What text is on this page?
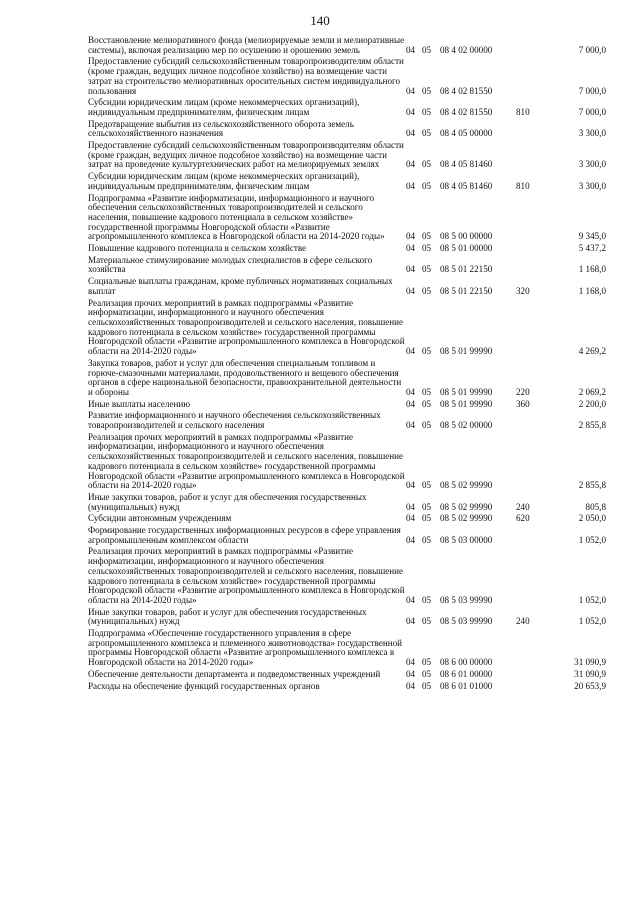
140
Восстановление мелиоративного фонда (мелиорируемые земли и мелиоративные системы), включая реализацию мер по осушению и орошению земель	04	05	08 4 02 00000		7 000,0

Предоставление субсидий сельскохозяйственным товаропроизводителям области (кроме граждан, ведущих личное подсобное хозяйство) на возмещение части затрат на строительство мелиоративных оросительных систем индивидуального пользования	04	05	08 4 02 81550		7 000,0

Субсидии юридическим лицам (кроме некоммерческих организаций), индивидуальным предпринимателям, физическим лицам	04	05	08 4 02 81550	810	7 000,0

Предотвращение выбытия из сельскохозяйственного оборота земель сельскохозяйственного назначения	04	05	08 4 05 00000		3 300,0

Предоставление субсидий сельскохозяйственным товаропроизводителям области (кроме граждан, ведущих личное подсобное хозяйство) на возмещение части затрат на проведение культуртехнических работ на мелиорируемых землях	04	05	08 4 05 81460		3 300,0

Субсидии юридическим лицам (кроме некоммерческих организаций), индивидуальным предпринимателям, физическим лицам	04	05	08 4 05 81460	810	3 300,0

Подпрограмма «Развитие информатизации, информационного и научного обеспечения сельскохозяйственных товаропроизводителей и сельского населения, повышение кадрового потенциала в сельском хозяйстве» государственной программы Новгородской области «Развитие агропромышленного комплекса в Новгородской области на 2014-2020 годы»	04	05	08 5 00 00000		9 345,0

Повышение кадрового потенциала в сельском хозяйстве	04	05	08 5 01 00000		5 437,2

Материальное стимулирование молодых специалистов в сфере сельского хозяйства	04	05	08 5 01 22150		1 168,0

Социальные выплаты гражданам, кроме публичных нормативных социальных выплат	04	05	08 5 01 22150	320	1 168,0

Реализация прочих мероприятий в рамках подпрограммы «Развитие информатизации, информационного и научного обеспечения сельскохозяйственных товаропроизводителей и сельского населения, повышение кадрового потенциала в сельском хозяйстве» государственной программы Новгородской области «Развитие агропромышленного комплекса в Новгородской области на 2014-2020 годы»	04	05	08 5 01 99990		4 269,2

Закупка товаров, работ и услуг для обеспечения специальным топливом и горюче-смазочными материалами, продовольственного и вещевого обеспечения органов в сфере национальной безопасности, правоохранительной деятельности и обороны	04	05	08 5 01 99990	220	2 069,2

Иные выплаты населению	04	05	08 5 01 99990	360	2 200,0

Развитие информационного и научного обеспечения сельскохозяйственных товаропроизводителей и сельского населения	04	05	08 5 02 00000		2 855,8

Реализация прочих мероприятий в рамках подпрограммы «Развитие информатизации, информационного и научного обеспечения сельскохозяйственных товаропроизводителей и сельского населения, повышение кадрового потенциала в сельском хозяйстве» государственной программы Новгородской области «Развитие агропромышленного комплекса в Новгородской области на 2014-2020 годы»	04	05	08 5 02 99990		2 855,8

Иные закупки товаров, работ и услуг для обеспечения государственных (муниципальных) нужд	04	05	08 5 02 99990	240	805,8

Субсидии автономным учреждениям	04	05	08 5 02 99990	620	2 050,0

Формирование государственных информационных ресурсов в сфере управления агропромышленным комплексом области	04	05	08 5 03 00000		1 052,0

Реализация прочих мероприятий в рамках подпрограммы «Развитие информатизации, информационного и научного обеспечения сельскохозяйственных товаропроизводителей и сельского населения, повышение кадрового потенциала в сельском хозяйстве» государственной программы Новгородской области «Развитие агропромышленного комплекса в Новгородской области на 2014-2020 годы»	04	05	08 5 03 99990		1 052,0

Иные закупки товаров, работ и услуг для обеспечения государственных (муниципальных) нужд	04	05	08 5 03 99990	240	1 052,0

Подпрограмма «Обеспечение государственного управления в сфере агропромышленного комплекса и племенного животноводства» государственной программы Новгородской области «Развитие агропромышленного комплекса в Новгородской области на 2014-2020 годы»	04	05	08 6 00 00000		31 090,9

Обеспечение деятельности департамента и подведомственных учреждений	04	05	08 6 01 00000		31 090,9

Расходы на обеспечение функций государственных органов	04	05	08 6 01 01000		20 653,9
